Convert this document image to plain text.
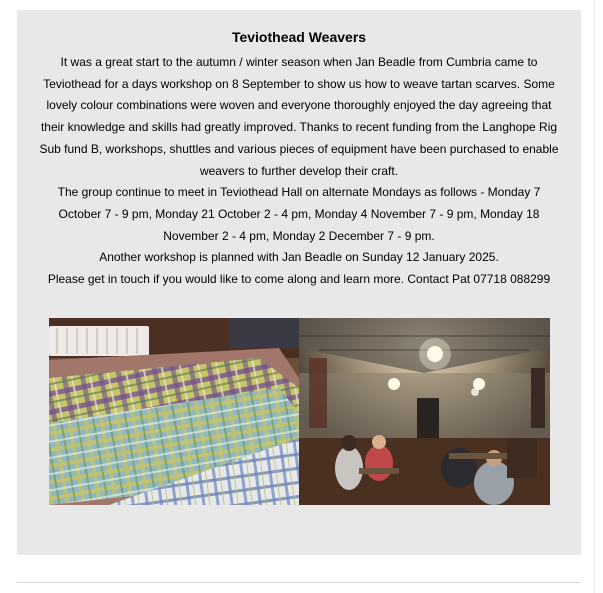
Teviothead Weavers

It was a great start to the autumn / winter season when Jan Beadle from Cumbria came to Teviothead for a days workshop on 8 September to show us how to weave tartan scarves. Some lovely colour combinations were woven and everyone thoroughly enjoyed the day agreeing that their knowledge and skills had greatly improved. Thanks to recent funding from the Langhope Rig Sub fund B, workshops, shuttles and various pieces of equipment have been purchased to enable weavers to further develop their craft.

The group continue to meet in Teviothead Hall on alternate Mondays as follows - Monday 7 October 7 - 9 pm, Monday 21 October 2 - 4 pm, Monday 4 November 7 - 9 pm, Monday 18 November 2 - 4 pm, Monday 2 December 7 - 9 pm.

Another workshop is planned with Jan Beadle on Sunday 12 January 2025.

Please get in touch if you would like to come along and learn more. Contact Pat 07718 088299
